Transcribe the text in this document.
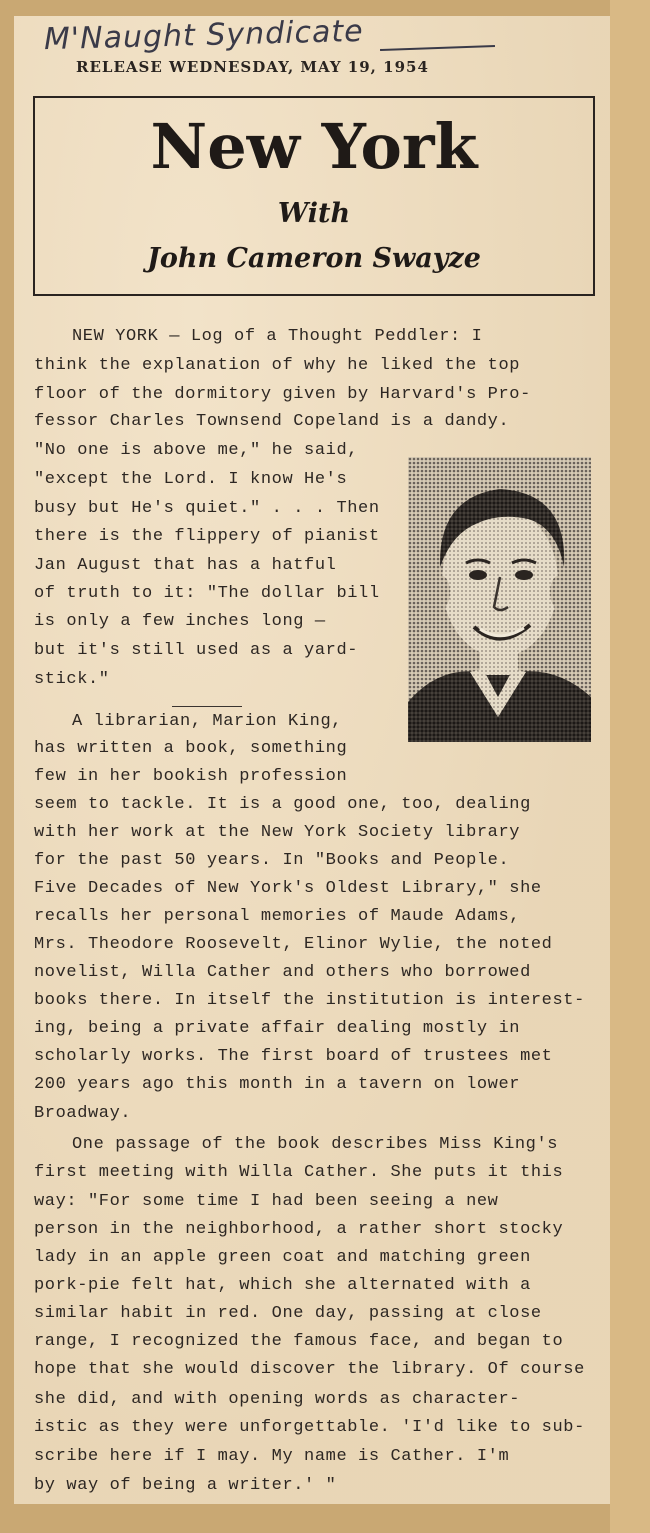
M'Naught Syndicate
RELEASE WEDNESDAY, MAY 19, 1954
New York
With
John Cameron Swayze
NEW YORK — Log of a Thought Peddler: I
think the explanation of why he liked the top
floor of the dormitory given by Harvard's Pro-
fessor Charles Townsend Copeland is a dandy.
"No one is above me," he said,
"except the Lord. I know He's
busy but He's quiet." . . . Then
there is the flippery of pianist
Jan August that has a hatful
of truth to it: "The dollar bill
is only a few inches long —
but it's still used as a yard-
stick."
A librarian, Marion King,
has written a book, something
few in her bookish profession
seem to tackle. It is a good one, too, dealing
with her work at the New York Society library
for the past 50 years. In "Books and People.
Five Decades of New York's Oldest Library," she
recalls her personal memories of Maude Adams,
Mrs. Theodore Roosevelt, Elinor Wylie, the noted
novelist, Willa Cather and others who borrowed
books there. In itself the institution is interest-
ing, being a private affair dealing mostly in
scholarly works. The first board of trustees met
200 years ago this month in a tavern on lower
Broadway.
One passage of the book describes Miss King's
first meeting with Willa Cather. She puts it this
way: "For some time I had been seeing a new
person in the neighborhood, a rather short stocky
lady in an apple green coat and matching green
pork-pie felt hat, which she alternated with a
similar habit in red. One day, passing at close
range, I recognized the famous face, and began to
hope that she would discover the library. Of course
she did, and with opening words as character-
istic as they were unforgettable. 'I'd like to sub-
scribe here if I may. My name is Cather. I'm
by way of being a writer.' "
